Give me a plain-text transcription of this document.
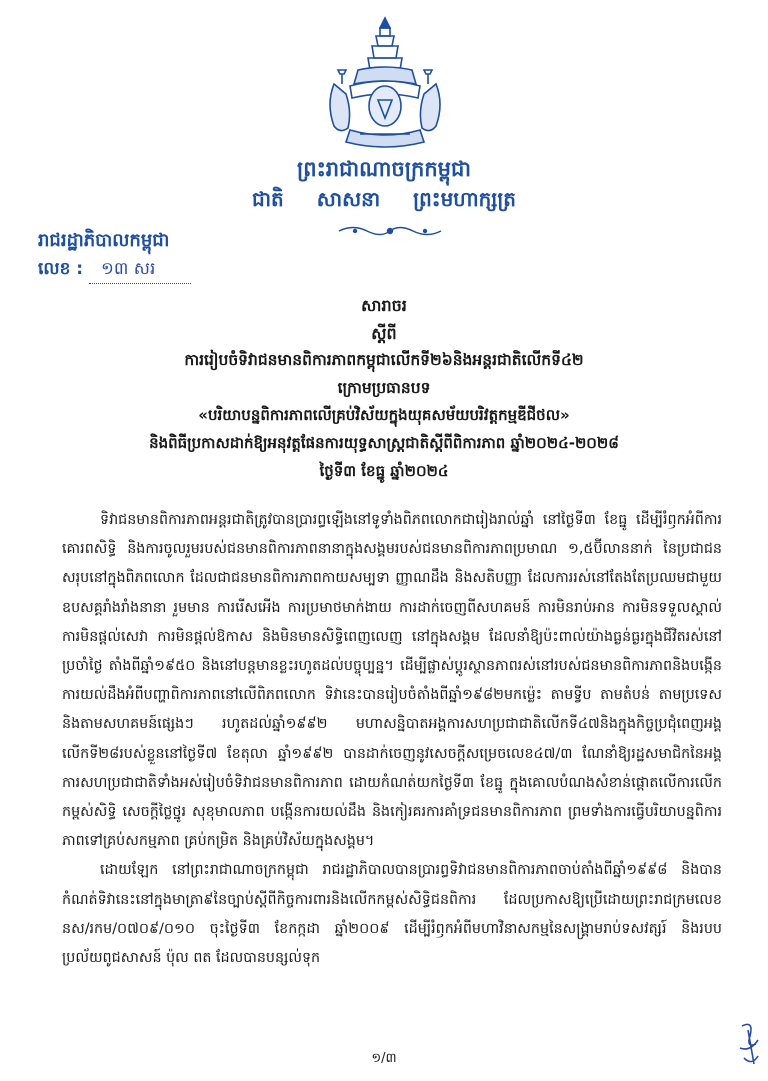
ព្រះរាជាណាចក្រកម្ពុជា
ជាតិ សាសនា ព្រះមហាក្សត្រ
រាជរដ្ឋាភិបាលកម្ពុជា
លេខ : ១៣ សរ
សារាចរ
ស្ដីពី
ការរៀបចំទិវាជនមានពិការភាពកម្ពុជាលើកទី២៦និងអន្តរជាតិលើកទី៤២
ក្រោមប្រធានបទ
«បរិយាបន្នពិការភាពលើគ្រប់វិស័យក្នុងយុគសម័យបរិវត្តកម្មឌីជីថល»
និងពិធីប្រកាសដាក់ឱ្យអនុវត្តផែនការយុទ្ធសាស្ត្រជាតិស្តីពីពិការភាព ឆ្នាំ២០២៤-២០២៨
ថ្ងៃទី៣ ខែធ្នូ ឆ្នាំ២០២៤

ទិវាជនមានពិការភាពអន្តរជាតិត្រូវបានប្រារព្ធឡើងនៅទូទាំងពិភពលោកជារៀងរាល់ឆ្នាំ នៅថ្ងៃទី៣ ខែធ្នូ ដើម្បីរំឭកអំពីការគោរពសិទ្ធិ និងការចូលរួមរបស់ជនមានពិការភាពនានាក្នុងសង្គមរបស់ជនមានពិការភាពប្រមាណ ១,៥ប៊ីលាននាក់ នៃប្រជាជនសរុបនៅក្នុងពិភពលោក ដែលជាជនមានពិការភាពកាយសម្បទា ញ្ញាណដឹង និងសតិបញ្ញា ដែលការរស់នៅតែងតែប្រឈមជាមួយឧបសគ្គរាំងរាំងនានា រួមមាន ការរើសអើង ការប្រមាថមាក់ងាយ ការដាក់ចេញពីសហគមន៍ ការមិនរាប់អាន ការមិនទទួលស្គាល់ ការមិនផ្តល់សេវា ការមិនផ្តល់ឱកាស និងមិនមានសិទ្ធិពេញលេញ នៅក្នុងសង្គម ដែលនាំឱ្យប៉ះពាល់យ៉ាងធ្ងន់ធ្ងរក្នុងជីវិតរស់នៅប្រចាំថ្ងៃ តាំងពីឆ្នាំ១៩៥០ និងនៅបន្តមានខ្លះរហូតដល់បច្ចុប្បន្ន។ ដើម្បីផ្លាស់ប្តូរស្ថានភាពរស់នៅរបស់ជនមានពិការភាពនិងបង្កើនការយល់ដឹងអំពីបញ្ហាពិការភាពនៅលើពិភពលោក ទិវានេះបានរៀបចំតាំងពីឆ្នាំ១៩៨២មកម្ល៉េះ តាមទ្វីប តាមតំបន់ តាមប្រទេស និងតាមសហគមន៍ផ្សេងៗ រហូតដល់ឆ្នាំ១៩៩២ មហាសន្និបាតអង្គការសហប្រជាជាតិលើកទី៤៧និងក្នុងកិច្ចប្រជុំពេញអង្គលើកទី២៨របស់ខ្លួននៅថ្ងៃទី៧ ខែតុលា ឆ្នាំ១៩៩២ បានដាក់ចេញនូវសេចក្តីសម្រេចលេខ៤៧/៣ ណែនាំឱ្យរដ្ឋសមាជិកនៃអង្គការសហប្រជាជាតិទាំងអស់រៀបចំទិវាជនមានពិការភាព ដោយកំណត់យកថ្ងៃទី៣ ខែធ្នូ ក្នុងគោលបំណងសំខាន់ផ្តោតលើការលើកកម្ពស់សិទ្ធិ សេចក្តីថ្លៃថ្នូរ សុខុមាលភាព បង្កើនការយល់ដឹង និងកៀរគរការគាំទ្រជនមានពិការភាព ព្រមទាំងការធ្វើបរិយាបន្នពិការភាពទៅគ្រប់សកម្មភាព គ្រប់កម្រិត និងគ្រប់វិស័យក្នុងសង្គម។

ដោយឡែក នៅព្រះរាជាណាចក្រកម្ពុជា រាជរដ្ឋាភិបាលបានប្រារព្ធទិវាជនមានពិការភាពចាប់តាំងពីឆ្នាំ១៩៩៨ និងបានកំណត់ទិវានេះនៅក្នុងមាត្រា៩នៃច្បាប់ស្តីពីកិច្ចការពារនិងលើកកម្ពស់សិទ្ធិជនពិការ ដែលប្រកាសឱ្យប្រើដោយព្រះរាជក្រមលេខ នស/រកម/០៧០៩/០១០ ចុះថ្ងៃទី៣ ខែកក្កដា ឆ្នាំ២០០៩ ដើម្បីរំឭកអំពីមហាវិនាសកម្មនៃសង្គ្រាមរាប់ទសវត្សរ៍ និងរបបប្រល័យពូជសាសន៍ ប៉ុល ពត ដែលបានបន្សល់ទុក

១/៣
